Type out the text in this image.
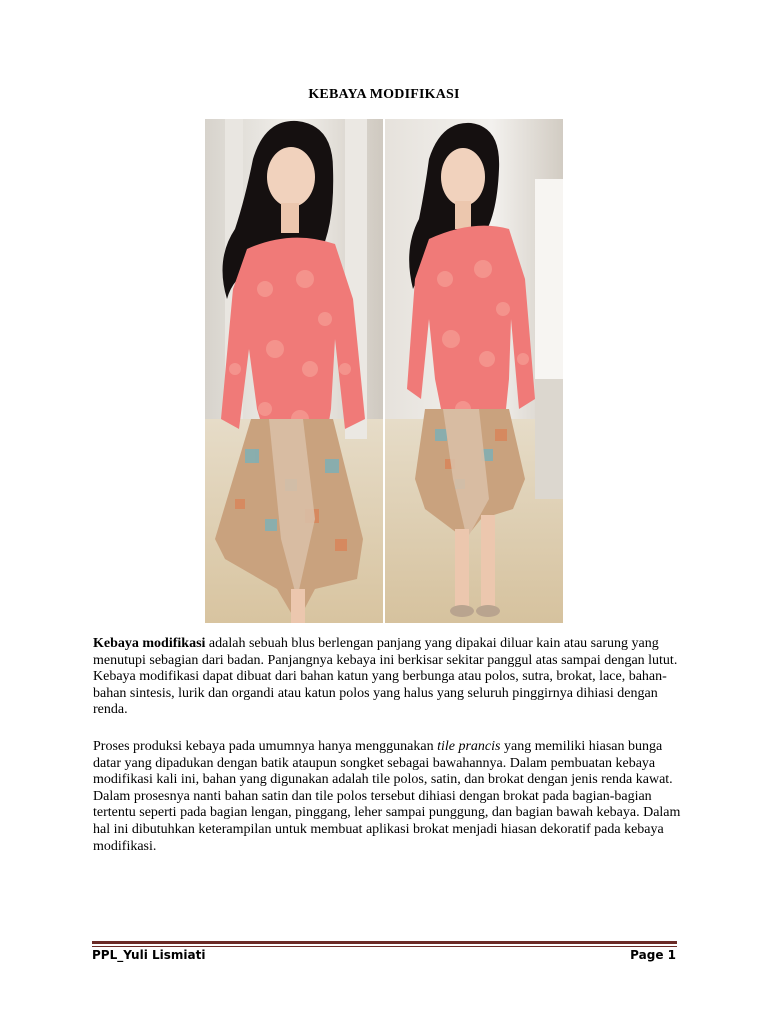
KEBAYA MODIFIKASI
Kebaya modifikasi adalah sebuah blus berlengan panjang yang dipakai diluar kain atau sarung yang menutupi sebagian dari badan. Panjangnya kebaya ini berkisar sekitar panggul atas sampai dengan lutut. Kebaya modifikasi dapat dibuat dari bahan katun yang berbunga atau polos, sutra, brokat, lace, bahan-bahan sintesis, lurik dan organdi atau katun polos yang halus yang seluruh pinggirnya dihiasi dengan renda.
Proses produksi kebaya pada umumnya hanya menggunakan tile prancis yang memiliki hiasan bunga datar yang dipadukan dengan batik ataupun songket sebagai bawahannya. Dalam pembuatan kebaya modifikasi kali ini, bahan yang digunakan adalah tile polos, satin, dan brokat dengan jenis renda kawat. Dalam prosesnya nanti bahan satin dan tile polos tersebut dihiasi dengan brokat pada bagian-bagian tertentu seperti pada bagian lengan, pinggang, leher sampai punggung, dan bagian bawah kebaya. Dalam hal ini dibutuhkan keterampilan untuk membuat aplikasi brokat menjadi hiasan dekoratif pada kebaya modifikasi.
PPL_Yuli Lismiati	Page 1
